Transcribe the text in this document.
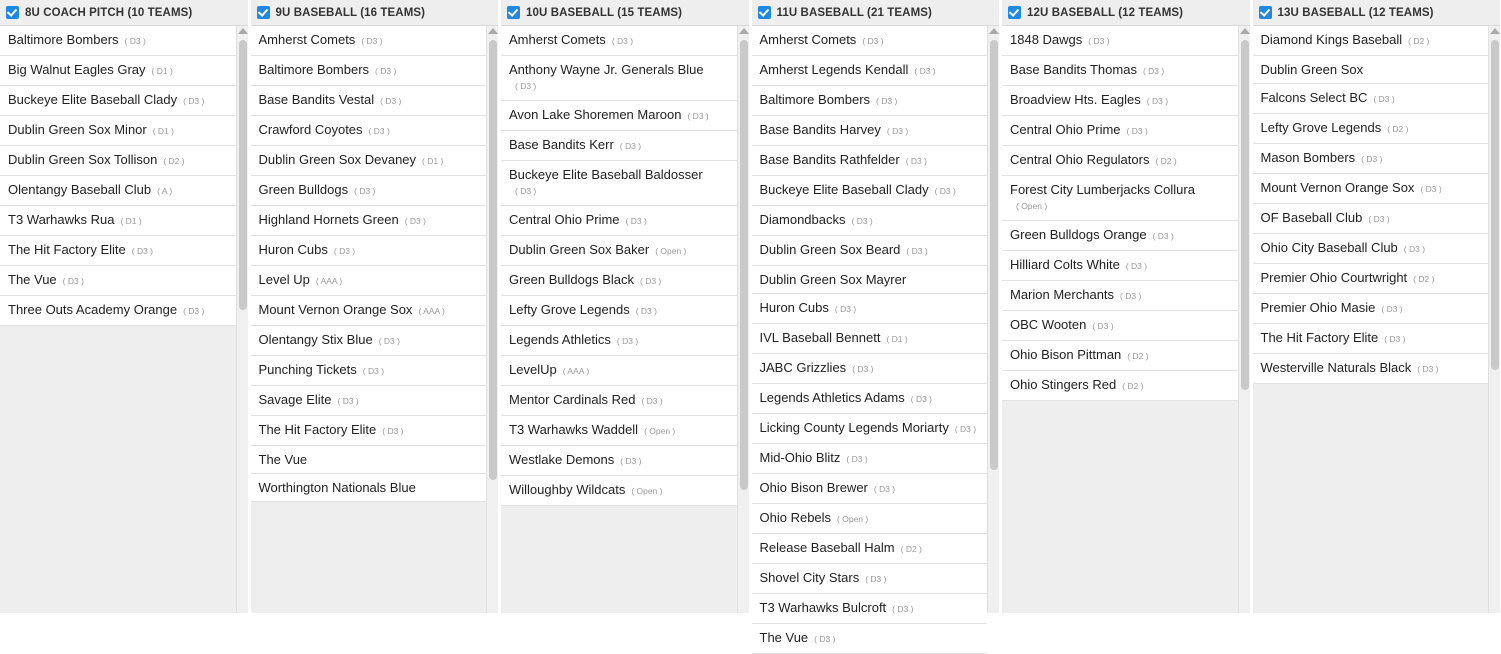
8U COACH PITCH (10 TEAMS)
Baltimore Bombers ( D3 )
Big Walnut Eagles Gray ( D1 )
Buckeye Elite Baseball Clady ( D3 )
Dublin Green Sox Minor ( D1 )
Dublin Green Sox Tollison ( D2 )
Olentangy Baseball Club ( A )
T3 Warhawks Rua ( D1 )
The Hit Factory Elite ( D3 )
The Vue ( D3 )
Three Outs Academy Orange ( D3 )
9U BASEBALL (16 TEAMS)
Amherst Comets ( D3 )
Baltimore Bombers ( D3 )
Base Bandits Vestal ( D3 )
Crawford Coyotes ( D3 )
Dublin Green Sox Devaney ( D1 )
Green Bulldogs ( D3 )
Highland Hornets Green ( D3 )
Huron Cubs ( D3 )
Level Up ( AAA )
Mount Vernon Orange Sox ( AAA )
Olentangy Stix Blue ( D3 )
Punching Tickets ( D3 )
Savage Elite ( D3 )
The Hit Factory Elite ( D3 )
The Vue
Worthington Nationals Blue
10U BASEBALL (15 TEAMS)
Amherst Comets ( D3 )
Anthony Wayne Jr. Generals Blue
( D3 )
Avon Lake Shoremen Maroon ( D3 )
Base Bandits Kerr ( D3 )
Buckeye Elite Baseball Baldosser
( D3 )
Central Ohio Prime ( D3 )
Dublin Green Sox Baker ( Open )
Green Bulldogs Black ( D3 )
Lefty Grove Legends ( D3 )
Legends Athletics ( D3 )
LevelUp ( AAA )
Mentor Cardinals Red ( D3 )
T3 Warhawks Waddell ( Open )
Westlake Demons ( D3 )
Willoughby Wildcats ( Open )
11U BASEBALL (21 TEAMS)
Amherst Comets ( D3 )
Amherst Legends Kendall ( D3 )
Baltimore Bombers ( D3 )
Base Bandits Harvey ( D3 )
Base Bandits Rathfelder ( D3 )
Buckeye Elite Baseball Clady ( D3 )
Diamondbacks ( D3 )
Dublin Green Sox Beard ( D3 )
Dublin Green Sox Mayrer
Huron Cubs ( D3 )
IVL Baseball Bennett ( D1 )
JABC Grizzlies ( D3 )
Legends Athletics Adams ( D3 )
Licking County Legends Moriarty ( D3 )
Mid-Ohio Blitz ( D3 )
Ohio Bison Brewer ( D3 )
Ohio Rebels ( Open )
Release Baseball Halm ( D2 )
Shovel City Stars ( D3 )
T3 Warhawks Bulcroft ( D3 )
The Vue ( D3 )
12U BASEBALL (12 TEAMS)
1848 Dawgs ( D3 )
Base Bandits Thomas ( D3 )
Broadview Hts. Eagles ( D3 )
Central Ohio Prime ( D3 )
Central Ohio Regulators ( D2 )
Forest City Lumberjacks Collura
( Open )
Green Bulldogs Orange ( D3 )
Hilliard Colts White ( D3 )
Marion Merchants ( D3 )
OBC Wooten ( D3 )
Ohio Bison Pittman ( D2 )
Ohio Stingers Red ( D2 )
13U BASEBALL (12 TEAMS)
Diamond Kings Baseball ( D2 )
Dublin Green Sox
Falcons Select BC ( D3 )
Lefty Grove Legends ( D2 )
Mason Bombers ( D3 )
Mount Vernon Orange Sox ( D3 )
OF Baseball Club ( D3 )
Ohio City Baseball Club ( D3 )
Premier Ohio Courtwright ( D2 )
Premier Ohio Masie ( D3 )
The Hit Factory Elite ( D3 )
Westerville Naturals Black ( D3 )
